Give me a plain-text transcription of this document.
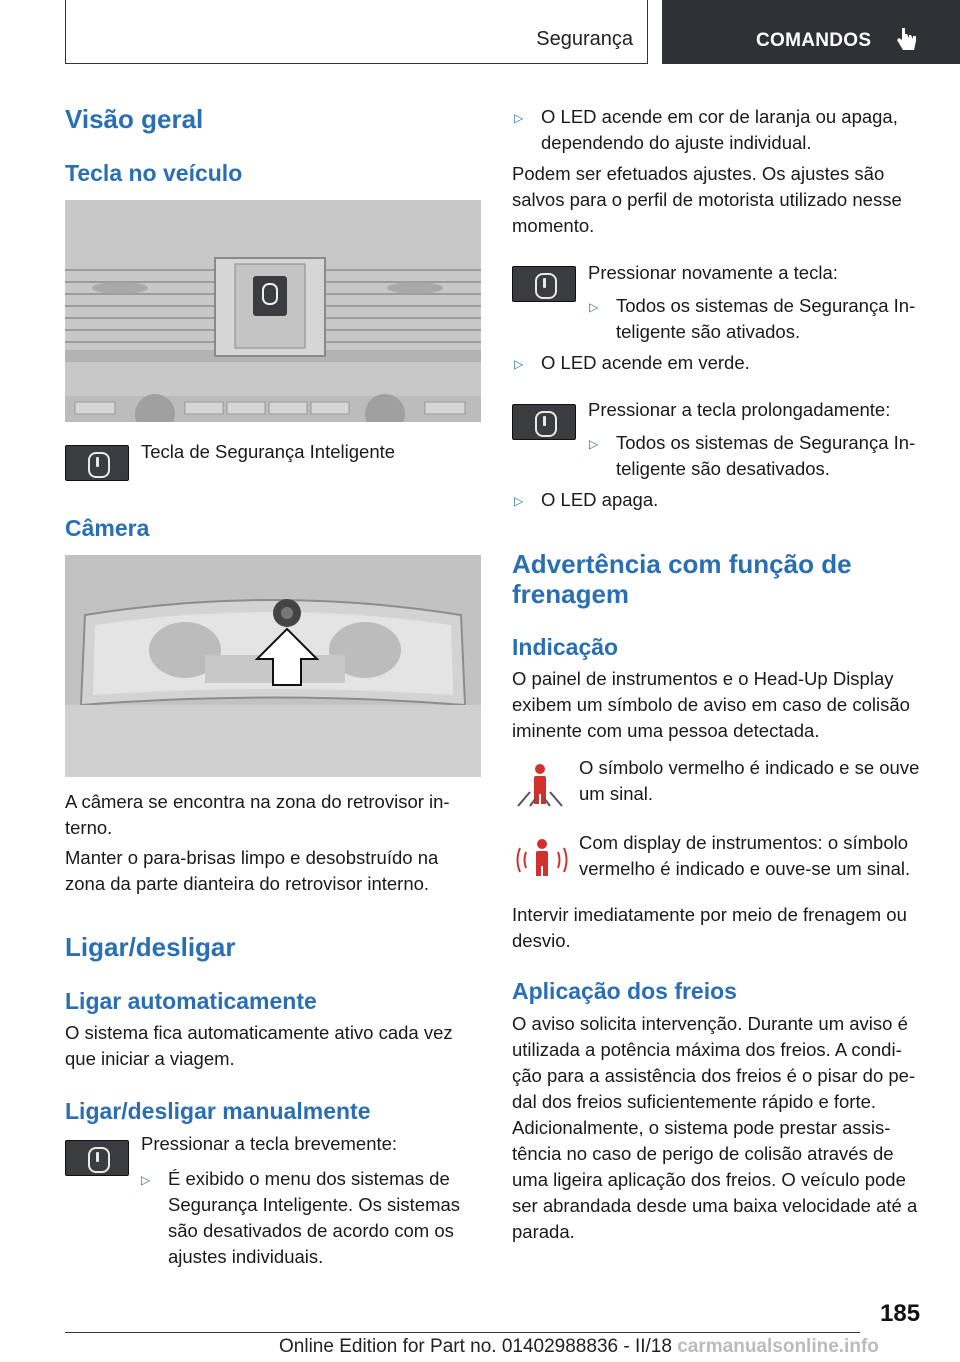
Segurança	COMANDOS
Visão geral
Tecla no veículo
Tecla de Segurança Inteligente
Câmera
A câmera se encontra na zona do retrovisor in-terno.
Manter o para-brisas limpo e desobstruído na zona da parte dianteira do retrovisor interno.
Ligar/desligar
Ligar automaticamente
O sistema fica automaticamente ativo cada vez que iniciar a viagem.
Ligar/desligar manualmente
Pressionar a tecla brevemente:
▷ É exibido o menu dos sistemas de Segurança Inteligente. Os sistemas são desativados de acordo com os ajustes individuais.
▷ O LED acende em cor de laranja ou apaga, dependendo do ajuste individual.
Podem ser efetuados ajustes. Os ajustes são salvos para o perfil de motorista utilizado nesse momento.
Pressionar novamente a tecla:
▷ Todos os sistemas de Segurança In-teligente são ativados.
▷ O LED acende em verde.
Pressionar a tecla prolongadamente:
▷ Todos os sistemas de Segurança In-teligente são desativados.
▷ O LED apaga.
Advertência com função de frenagem
Indicação
O painel de instrumentos e o Head-Up Display exibem um símbolo de aviso em caso de colisão iminente com uma pessoa detectada.
O símbolo vermelho é indicado e se ouve um sinal.
Com display de instrumentos: o símbolo vermelho é indicado e ouve-se um sinal.
Intervir imediatamente por meio de frenagem ou desvio.
Aplicação dos freios
O aviso solicita intervenção. Durante um aviso é utilizada a potência máxima dos freios. A condi-ção para a assistência dos freios é o pisar do pe-dal dos freios suficientemente rápido e forte. Adicionalmente, o sistema pode prestar assis-tência no caso de perigo de colisão através de uma ligeira aplicação dos freios. O veículo pode ser abrandada desde uma baixa velocidade até a parada.
185
Online Edition for Part no. 01402988836 - II/18 carmanualsonline.info
